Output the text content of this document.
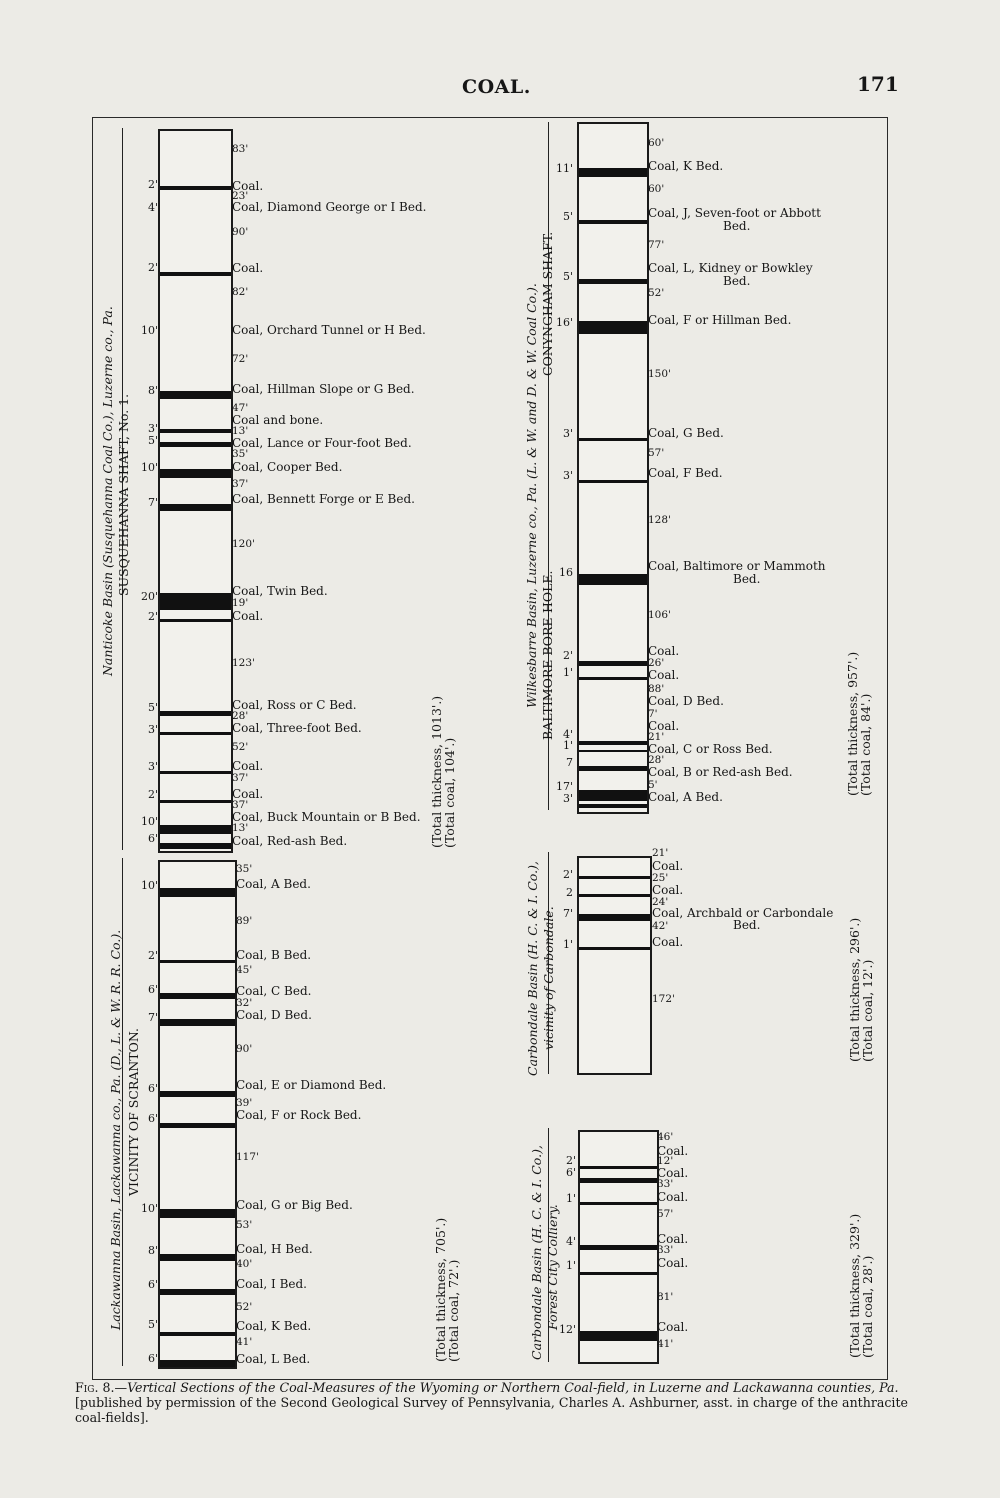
COAL.	171
Nanticoke Basin (Susquehanna Coal Co.), Luzerne co., Pa. SUSQUEHANNA SHAFT, No. 1.
Lackawanna Basin, Lackawanna co., Pa. (D., L. & W. R. R. Co.). VICINITY OF SCRANTON.
Wilkesbarre Basin, Luzerne co., Pa. (L. & W. and D. & W. Coal Co.). BALTIMORE BORE-HOLE.
CONYNGHAM SHAFT.
Carbondale Basin (H. C. & I. Co.), vicinity of Carbondale.
Carbondale Basin (H. C. & I. Co.), Forest City Colliery.
(Total thickness, 1013'.)
(Total coal, 104'.)
(Total thickness, 705'.)
(Total coal, 72'.)
(Total thickness, 957'.)
(Total coal, 84'.)
(Total thickness, 296'.)
(Total coal, 12'.)
(Total thickness, 329'.)
(Total coal, 28'.)
83'
Coal.
23'
Coal, Diamond George or I Bed.
90'
Coal.
82'
Coal, Orchard Tunnel or H Bed.
72'
Coal, Hillman Slope or G Bed.
47'
Coal and bone.
13'
Coal, Lance or Four-foot Bed.
35'
Coal, Cooper Bed.
37'
Coal, Bennett Forge or E Bed.
120'
Coal, Twin Bed.
19'
Coal.
123'
Coal, Ross or C Bed.
28'
Coal, Three-foot Bed.
52'
Coal.
37'
Coal.
37'
Coal, Buck Mountain or B Bed.
13'
Coal, Red-ash Bed.
2'
4'
2'
10'
8'
3'
5'
10'
7'
20'
2'
5'
3'
3'
2'
10'
6'
35'
Coal, A Bed.
89'
Coal, B Bed.
45'
Coal, C Bed.
32'
Coal, D Bed.
90'
Coal, E or Diamond Bed.
39'
Coal, F or Rock Bed.
117'
Coal, G or Big Bed.
53'
Coal, H Bed.
40'
Coal, I Bed.
52'
Coal, K Bed.
41'
Coal, L Bed.
10'
2'
6'
7'
6'
6'
10'
8'
6'
5'
6'
60'
Coal, K Bed.
60'
Coal, J, Seven-foot or Abbott
Bed.
77'
Coal, L, Kidney or Bowkley
Bed.
52'
Coal, F or Hillman Bed.
150'
Coal, G Bed.
57'
Coal, F Bed.
128'
Coal, Baltimore or Mammoth
Bed.
106'
Coal.
26'
Coal.
88'
Coal, D Bed.
7'
Coal.
21'
Coal, C or Ross Bed.
28'
Coal, B or Red-ash Bed.
5'
Coal, A Bed.
11'
5'
5'
16'
3'
3'
16
2'
1'
4'
1'
7
17'
3'
21'
Coal.
25'
Coal.
24'
Coal, Archbald or Carbondale
Bed.
42'
Coal.
172'
2'
2
7'
1'
46'
Coal.
12'
Coal.
33'
Coal.
57'
Coal.
33'
Coal.
81'
Coal.
41'
2'
6'
1'
4'
1'
12'
Fig. 8.—Vertical Sections of the Coal-Measures of the Wyoming or Northern Coal-field, in Luzerne and Lackawanna counties, Pa. [published by permission of the Second Geological Survey of Pennsylvania, Charles A. Ashburner, asst. in charge of the anthracite coal-fields].
